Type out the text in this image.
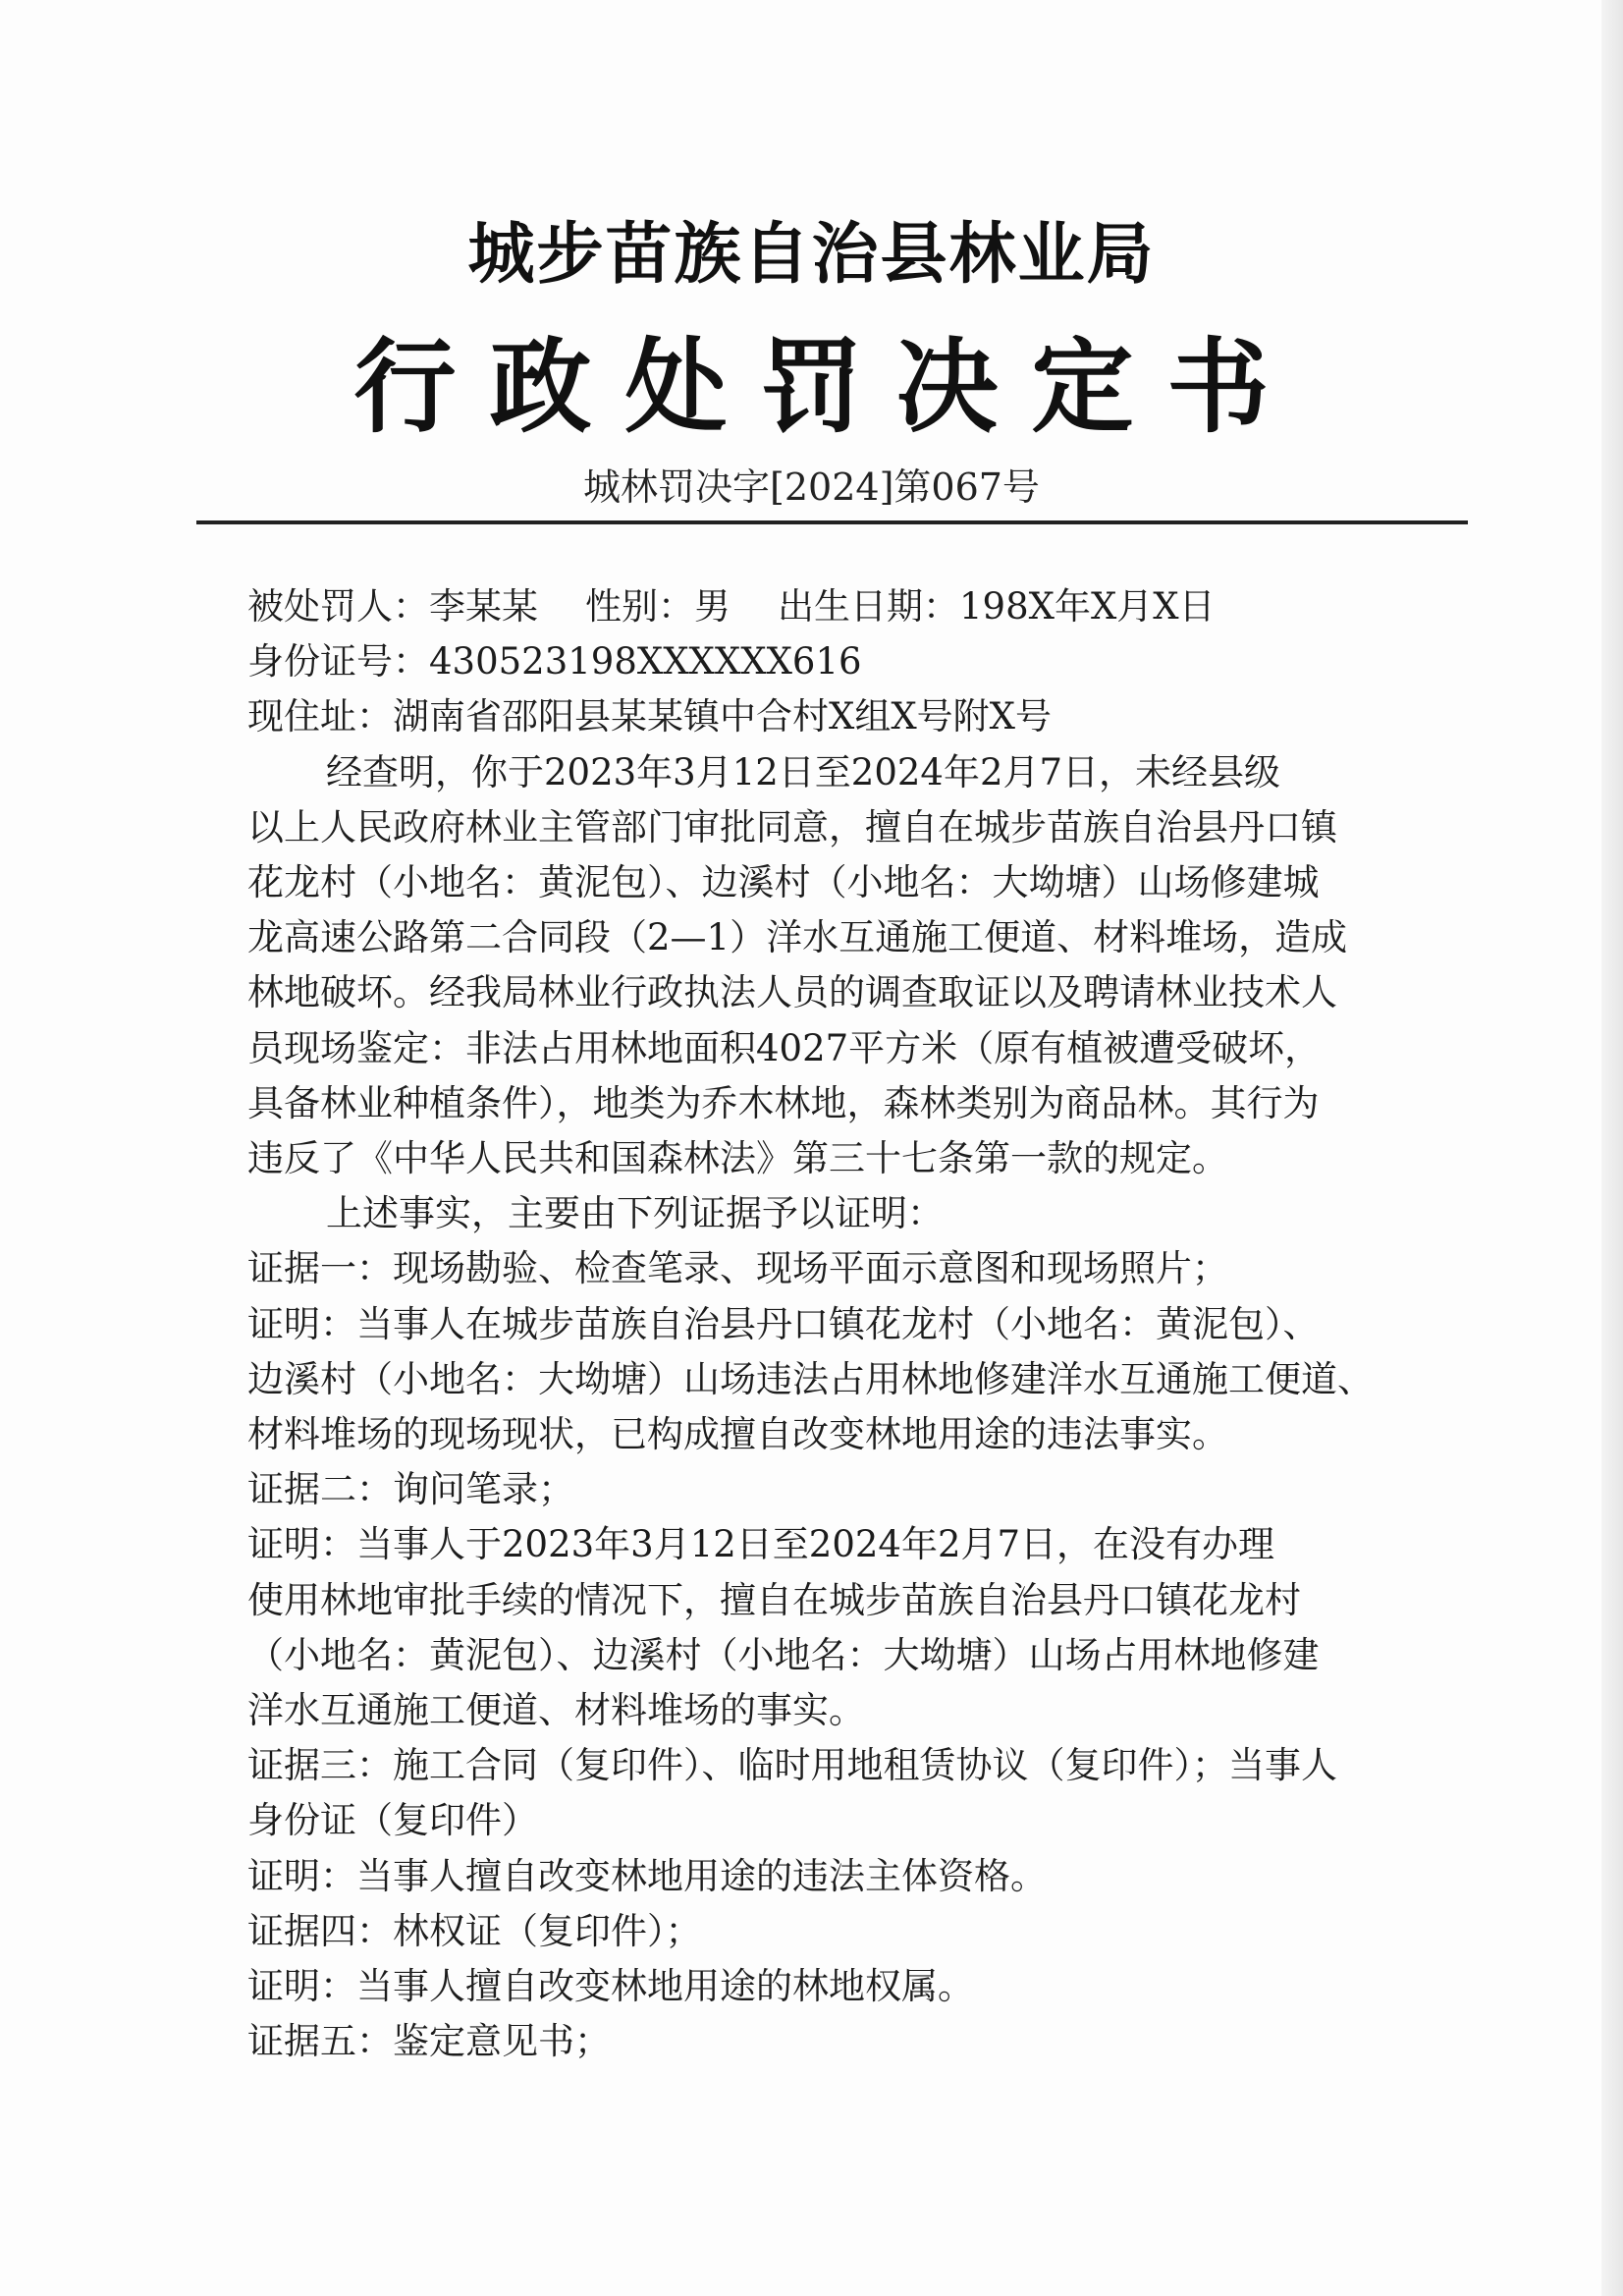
城步苗族自治县林业局
行政处罚决定书
城林罚决字[2024]第067号
被处罚人：李某某 性别：男 出生日期：198X年X月X日
身份证号：430523198XXXXXX616
现住址：湖南省邵阳县某某镇中合村X组X号附X号
经查明，你于2023年3月12日至2024年2月7日，未经县级
以上人民政府林业主管部门审批同意，擅自在城步苗族自治县丹口镇
花龙村（小地名：黄泥包）、边溪村（小地名：大坳塘）山场修建城
龙高速公路第二合同段（2—1）洋水互通施工便道、材料堆场，造成
林地破坏。经我局林业行政执法人员的调查取证以及聘请林业技术人
员现场鉴定：非法占用林地面积4027平方米（原有植被遭受破坏，
具备林业种植条件），地类为乔木林地，森林类别为商品林。其行为
违反了《中华人民共和国森林法》第三十七条第一款的规定。
上述事实，主要由下列证据予以证明：
证据一：现场勘验、检查笔录、现场平面示意图和现场照片；
证明：当事人在城步苗族自治县丹口镇花龙村（小地名：黄泥包）、
边溪村（小地名：大坳塘）山场违法占用林地修建洋水互通施工便道、
材料堆场的现场现状，已构成擅自改变林地用途的违法事实。
证据二：询问笔录；
证明：当事人于2023年3月12日至2024年2月7日，在没有办理
使用林地审批手续的情况下，擅自在城步苗族自治县丹口镇花龙村
（小地名：黄泥包）、边溪村（小地名：大坳塘）山场占用林地修建
洋水互通施工便道、材料堆场的事实。
证据三：施工合同（复印件）、临时用地租赁协议（复印件）；当事人
身份证（复印件）
证明：当事人擅自改变林地用途的违法主体资格。
证据四：林权证（复印件）；
证明：当事人擅自改变林地用途的林地权属。
证据五：鉴定意见书；
